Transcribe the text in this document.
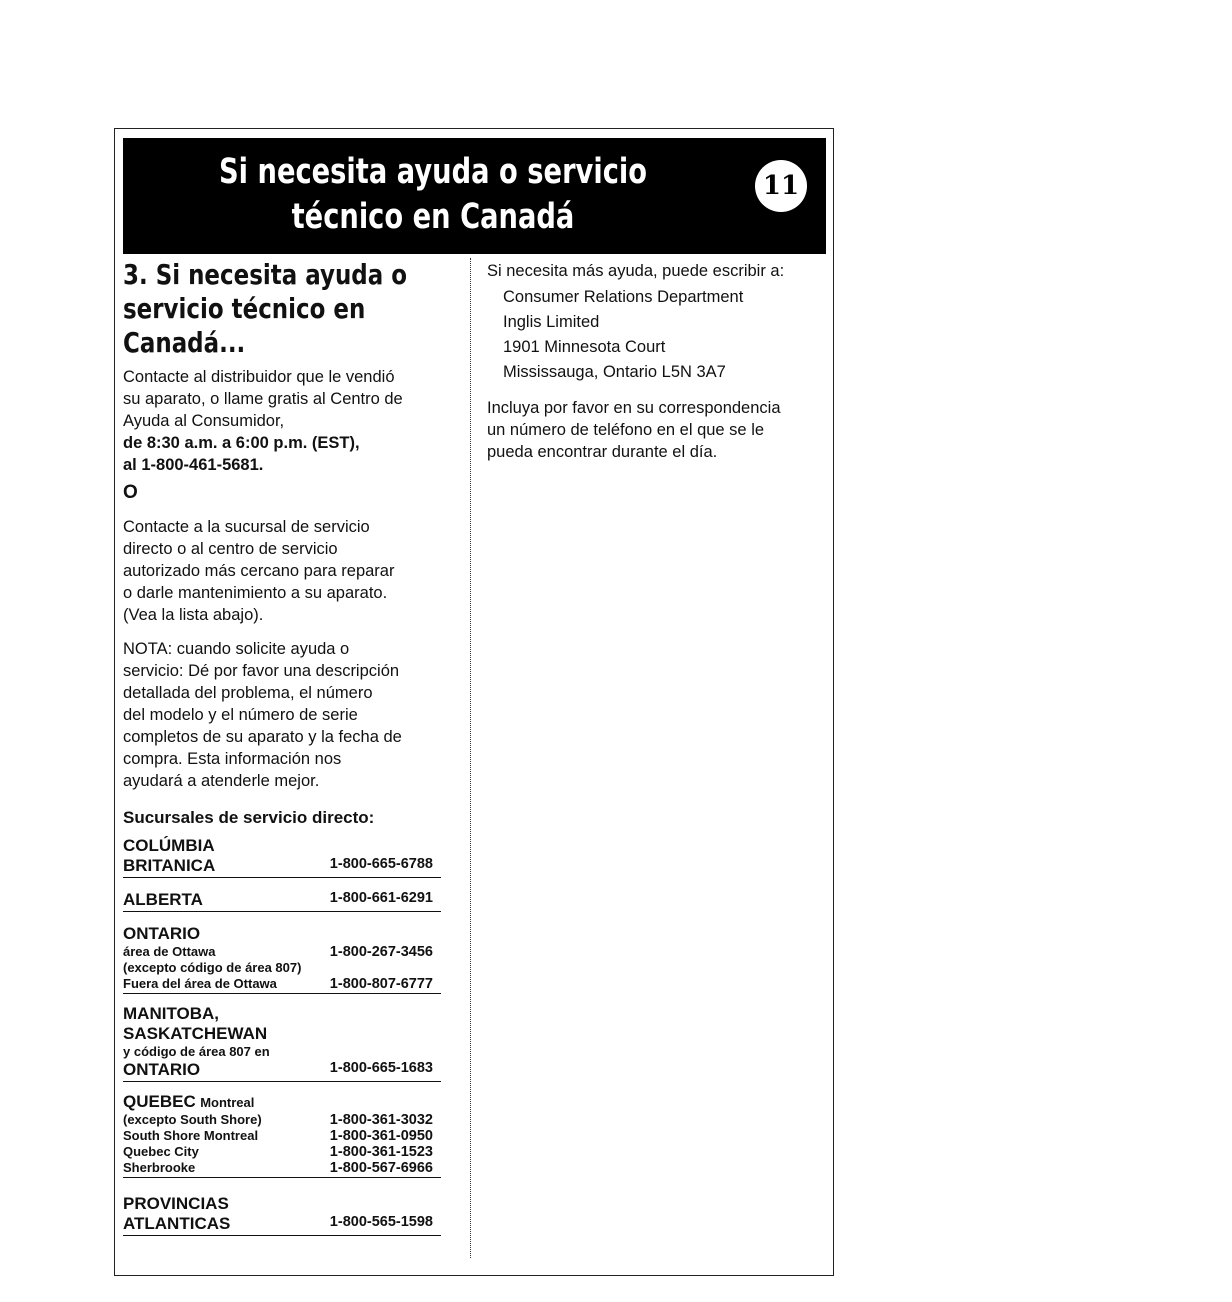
Si necesita ayuda o servicio
técnico en Canadá
11
3. Si necesita ayuda o
servicio técnico en
Canadá...

Contacte al distribuidor que le vendió

su aparato, o llame gratis al Centro de

Ayuda al Consumidor,

de 8:30 a.m. a 6:00 p.m. (EST),

al 1-800-461-5681.

O

Contacte a la sucursal de servicio

directo o al centro de servicio

autorizado más cercano para reparar

o darle mantenimiento a su aparato.

(Vea la lista abajo).

NOTA: cuando solicite ayuda o

servicio: Dé por favor una descripción

detallada del problema, el número

del modelo y el número de serie

completos de su aparato y la fecha de

compra. Esta información nos

ayudará a atenderle mejor.

Sucursales de servicio directo:

COLÚMBIA
BRITANICA	1-800-665-6788
ALBERTA	1-800-661-6291
ONTARIO
área de Ottawa	1-800-267-3456
(excepto código de área 807)
Fuera del área de Ottawa	1-800-807-6777
MANITOBA,
SASKATCHEWAN
y código de área 807 en
ONTARIO	1-800-665-1683
QUEBEC Montreal
(excepto South Shore)	1-800-361-3032
South Shore Montreal	1-800-361-0950
Quebec City	1-800-361-1523
Sherbrooke	1-800-567-6966
PROVINCIAS
ATLANTICAS	1-800-565-1598

Si necesita más ayuda, puede escribir a:

Consumer Relations Department

Inglis Limited

1901 Minnesota Court

Mississauga, Ontario L5N 3A7

Incluya por favor en su correspondencia

un número de teléfono en el que se le

pueda encontrar durante el día.
